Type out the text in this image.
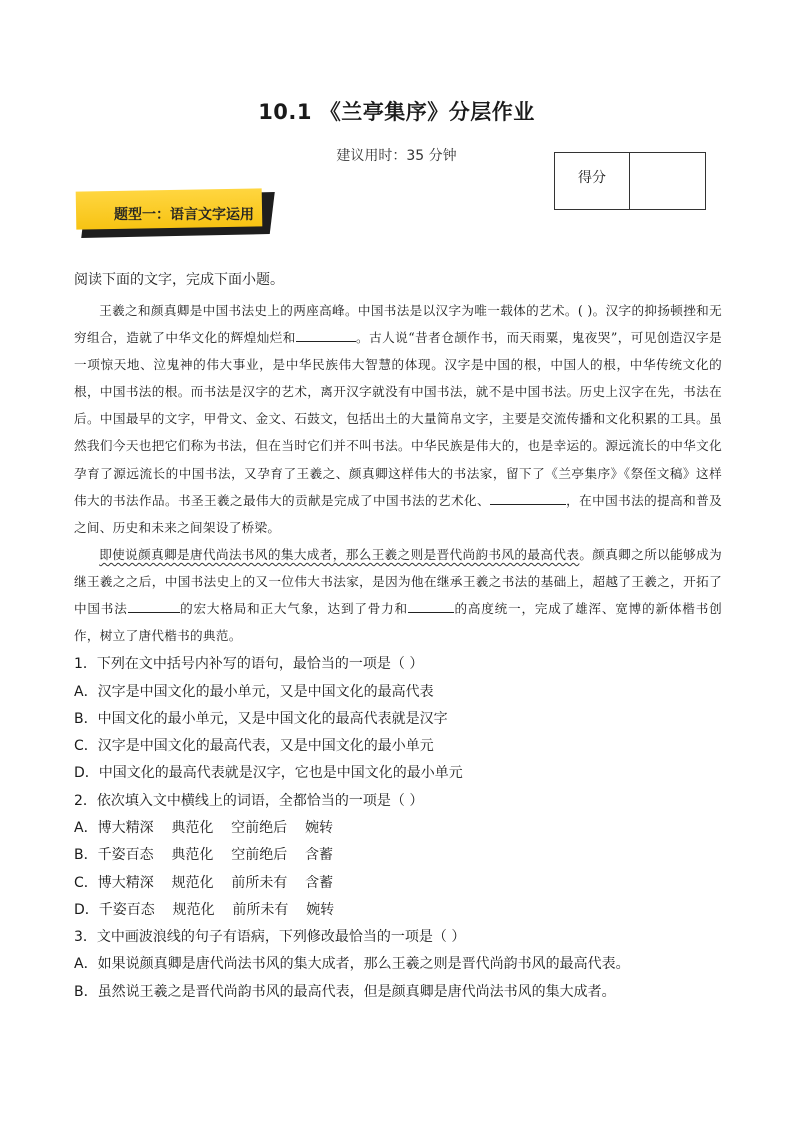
10.1 《兰亭集序》分层作业
建议用时：35 分钟
得分
题型一：语言文字运用

阅读下面的文字，完成下面小题。

王羲之和颜真卿是中国书法史上的两座高峰。中国书法是以汉字为唯一载体的艺术。( )。汉字的抑扬顿挫和无穷组合，造就了中华文化的辉煌灿烂和	。古人说“昔者仓颉作书，而天雨粟，鬼夜哭”，可见创造汉字是一项惊天地、泣鬼神的伟大事业，是中华民族伟大智慧的体现。汉字是中国的根，中国人的根，中华传统文化的根，中国书法的根。而书法是汉字的艺术，离开汉字就没有中国书法，就不是中国书法。历史上汉字在先，书法在后。中国最早的文字，甲骨文、金文、石鼓文，包括出土的大量简帛文字，主要是交流传播和文化积累的工具。虽然我们今天也把它们称为书法，但在当时它们并不叫书法。中华民族是伟大的，也是幸运的。源远流长的中华文化孕育了源远流长的中国书法，又孕育了王羲之、颜真卿这样伟大的书法家，留下了《兰亭集序》《祭侄文稿》这样伟大的书法作品。书圣王羲之最伟大的贡献是完成了中国书法的艺术化、	，在中国书法的提高和普及之间、历史和未来之间架设了桥梁。

即使说颜真卿是唐代尚法书风的集大成者，那么王羲之则是晋代尚韵书风的最高代表。颜真卿之所以能够成为继王羲之之后，中国书法史上的又一位伟大书法家，是因为他在继承王羲之书法的基础上，超越了王羲之，开拓了中国书法	的宏大格局和正大气象，达到了骨力和	的高度统一，完成了雄浑、宽博的新体楷书创作，树立了唐代楷书的典范。

1．下列在文中括号内补写的语句，最恰当的一项是（ ）

A．汉字是中国文化的最小单元，又是中国文化的最高代表

B．中国文化的最小单元，又是中国文化的最高代表就是汉字

C．汉字是中国文化的最高代表，又是中国文化的最小单元

D．中国文化的最高代表就是汉字，它也是中国文化的最小单元

2．依次填入文中横线上的词语，全都恰当的一项是（ ）

A．博大精深    典范化    空前绝后    婉转

B．千姿百态    典范化    空前绝后    含蓄

C．博大精深    规范化    前所未有    含蓄

D．千姿百态    规范化    前所未有    婉转

3．文中画波浪线的句子有语病，下列修改最恰当的一项是（ ）

A．如果说颜真卿是唐代尚法书风的集大成者，那么王羲之则是晋代尚韵书风的最高代表。

B．虽然说王羲之是晋代尚韵书风的最高代表，但是颜真卿是唐代尚法书风的集大成者。
